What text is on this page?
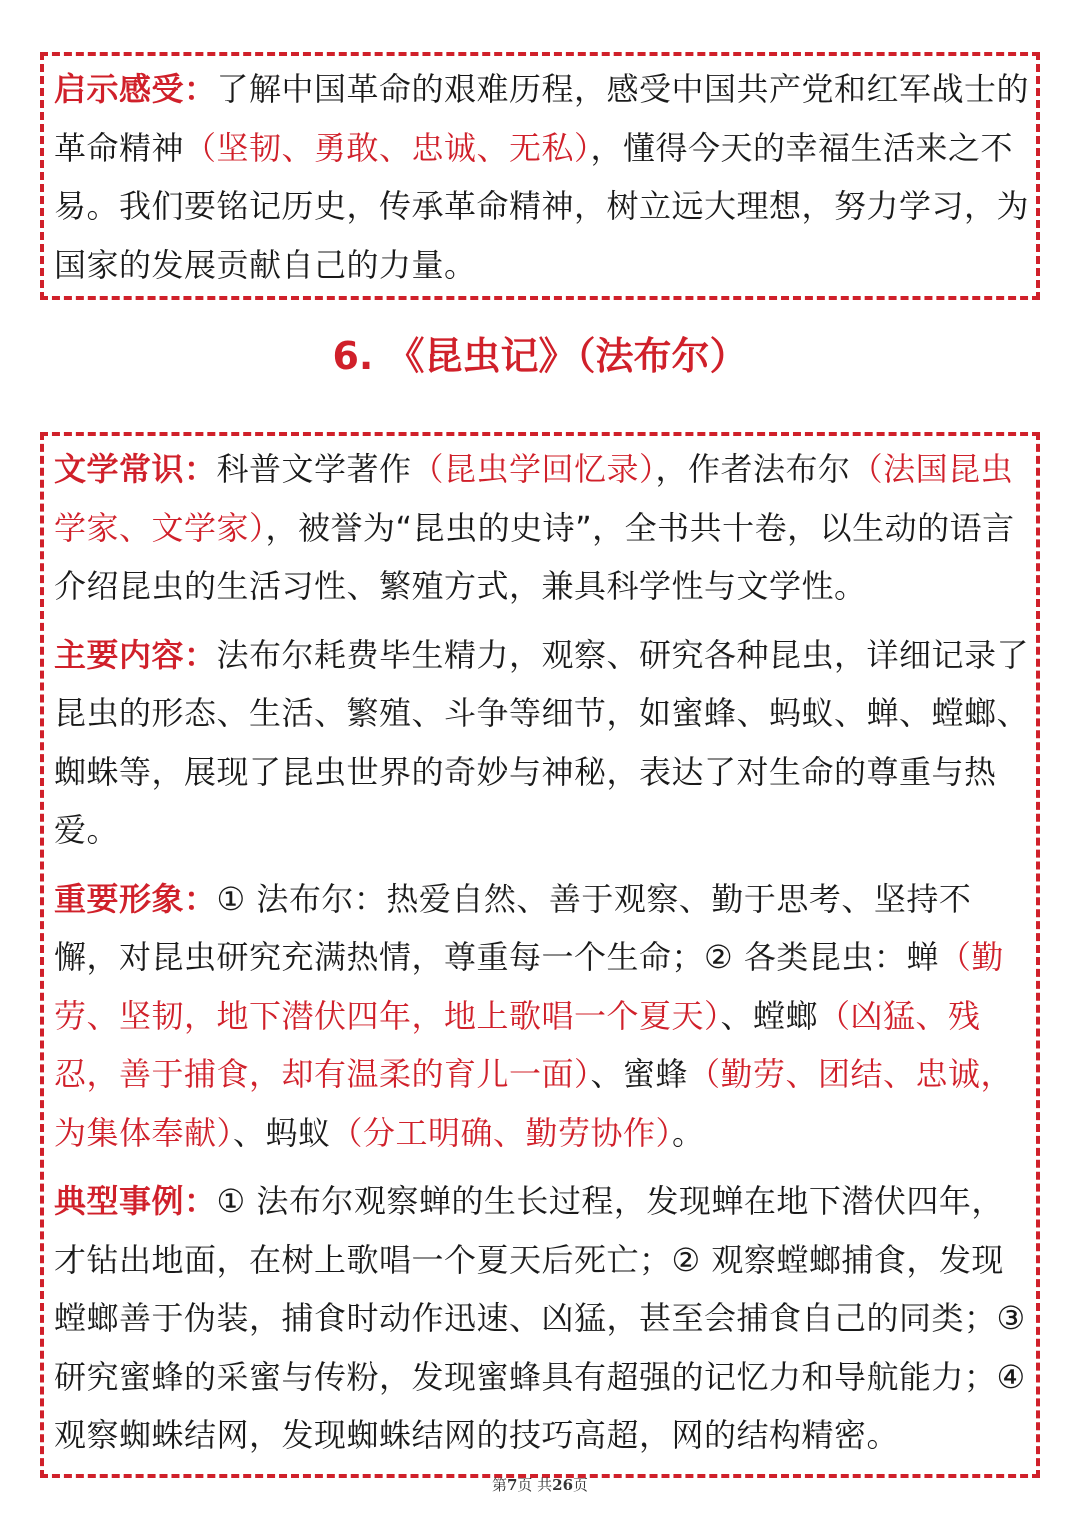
启示感受：了解中国革命的艰难历程，感受中国共产党和红军战士的革命精神（坚韧、勇敢、忠诚、无私），懂得今天的幸福生活来之不易。我们要铭记历史，传承革命精神，树立远大理想，努力学习，为国家的发展贡献自己的力量。

6. 《昆虫记》（法布尔）

文学常识：科普文学著作（昆虫学回忆录），作者法布尔（法国昆虫学家、文学家），被誉为“昆虫的史诗”，全书共十卷，以生动的语言介绍昆虫的生活习性、繁殖方式，兼具科学性与文学性。

主要内容：法布尔耗费毕生精力，观察、研究各种昆虫，详细记录了昆虫的形态、生活、繁殖、斗争等细节，如蜜蜂、蚂蚁、蝉、螳螂、蜘蛛等，展现了昆虫世界的奇妙与神秘，表达了对生命的尊重与热爱。

重要形象：① 法布尔：热爱自然、善于观察、勤于思考、坚持不懈，对昆虫研究充满热情，尊重每一个生命；② 各类昆虫：蝉（勤劳、坚韧，地下潜伏四年，地上歌唱一个夏天）、螳螂（凶猛、残忍，善于捕食，却有温柔的育儿一面）、蜜蜂（勤劳、团结、忠诚，为集体奉献）、蚂蚁（分工明确、勤劳协作）。

典型事例：① 法布尔观察蝉的生长过程，发现蝉在地下潜伏四年，才钻出地面，在树上歌唱一个夏天后死亡；② 观察螳螂捕食，发现螳螂善于伪装，捕食时动作迅速、凶猛，甚至会捕食自己的同类；③ 研究蜜蜂的采蜜与传粉，发现蜜蜂具有超强的记忆力和导航能力；④ 观察蜘蛛结网，发现蜘蛛结网的技巧高超，网的结构精密。

第7页 共26页
